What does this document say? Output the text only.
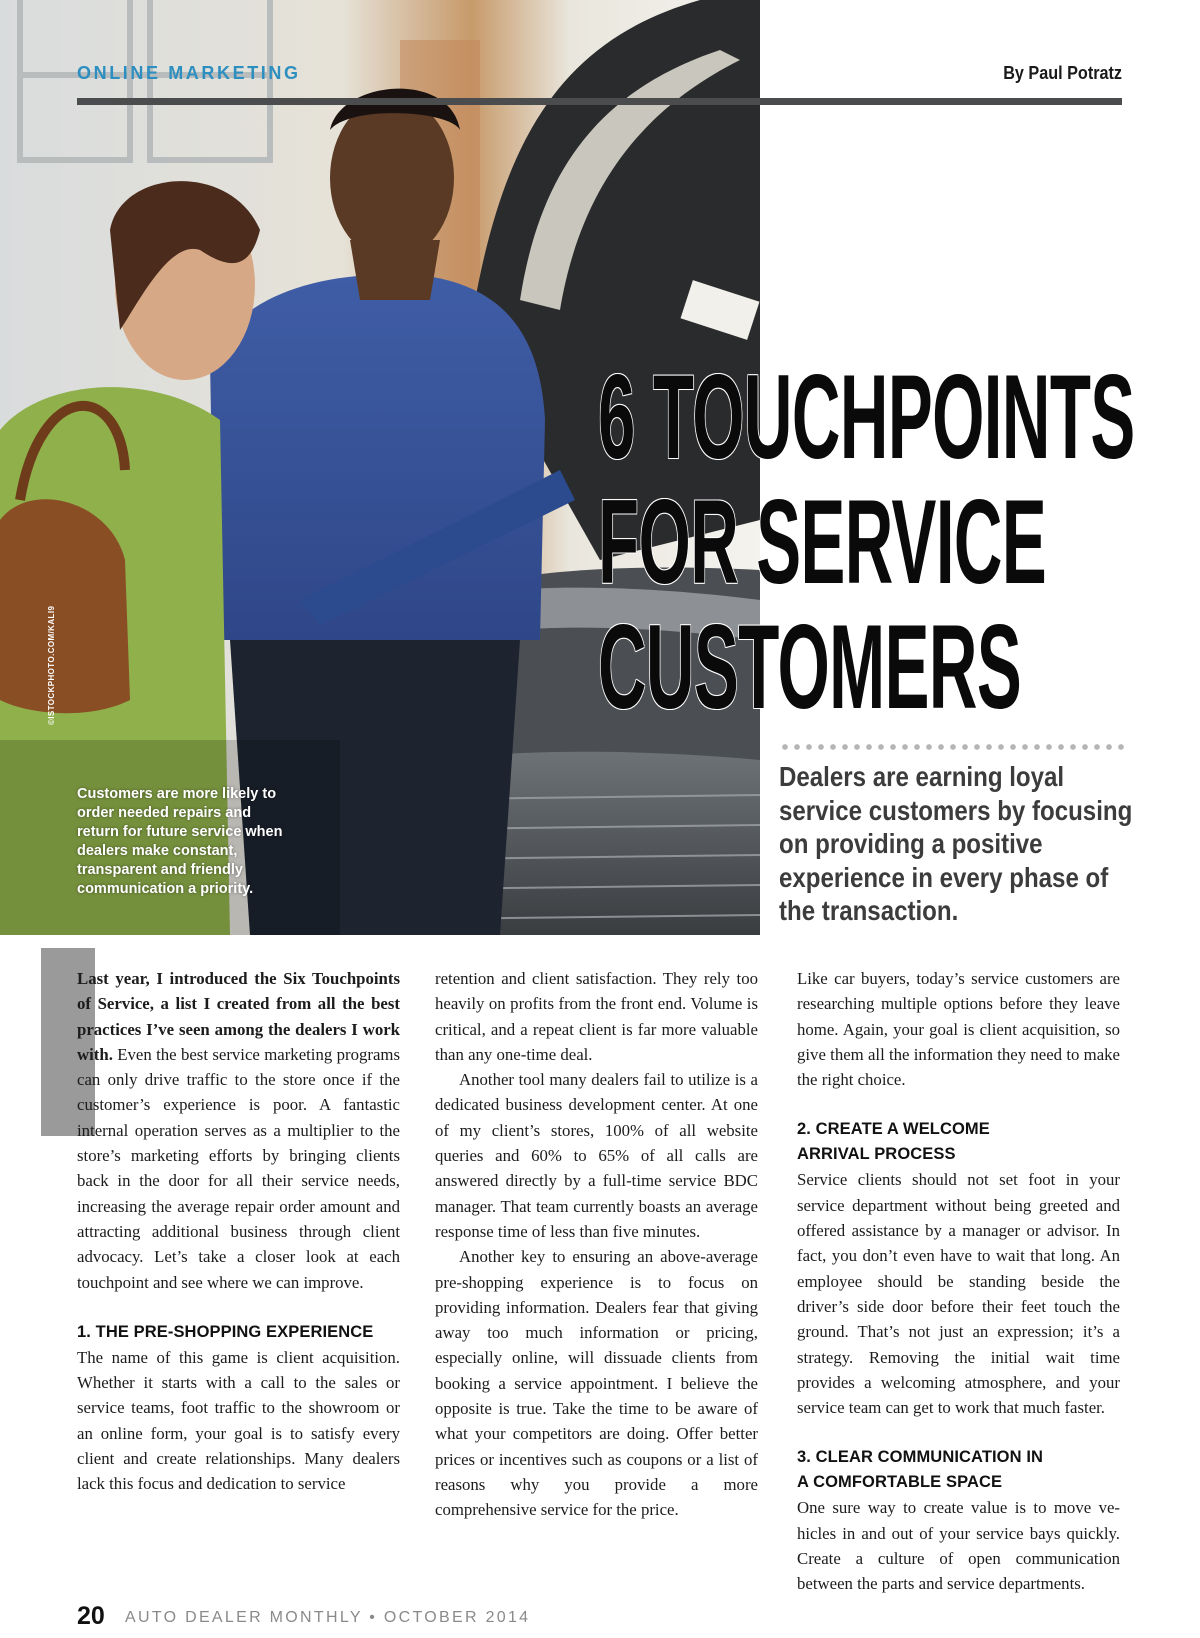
©ISTOCKPHOTO.COM/KALI9
Customers are more likely to order needed repairs and return for future service when dealers make constant, transparent and friendly communication a priority.
ONLINE MARKETING	By Paul Potratz
6 TOUCHPOINTS
FOR SERVICE
CUSTOMERS

Dealers are earning loyal service customers by focusing on providing a positive experience in every phase of the transaction.

Last year, I introduced the Six Touchpoints of Service, a list I created from all the best practices I’ve seen among the dealers I work with. Even the best service marketing programs can only drive traffic to the store once if the customer’s experience is poor. A fantastic internal operation serves as a multiplier to the store’s marketing efforts by bringing clients back in the door for all their service needs, increasing the average repair order amount and attracting additional business through client advocacy. Let’s take a closer look at each touchpoint and see where we can improve.

1. THE PRE-SHOPPING EXPERIENCE

The name of this game is client acquisition. Whether it starts with a call to the sales or service teams, foot traffic to the showroom or an online form, your goal is to satisfy every client and create relationships. Many dealers lack this focus and dedication to service

retention and client satisfaction. They rely too heavily on profits from the front end. Volume is critical, and a repeat client is far more valuable than any one-time deal.

Another tool many dealers fail to utilize is a dedicated business development center. At one of my client’s stores, 100% of all website queries and 60% to 65% of all calls are answered directly by a full-time service BDC manager. That team currently boasts an average response time of less than five minutes.

Another key to ensuring an above-average pre-shopping experience is to focus on providing information. Dealers fear that giving away too much information or pricing, especially online, will dissuade clients from booking a service appointment. I believe the opposite is true. Take the time to be aware of what your competitors are doing. Offer better prices or incentives such as coupons or a list of reasons why you provide a more comprehensive service for the price.

Like car buyers, today’s service customers are researching multiple options before they leave home. Again, your goal is client acquisition, so give them all the information they need to make the right choice.

2. CREATE A WELCOME
ARRIVAL PROCESS

Service clients should not set foot in your service department without being greeted and offered assistance by a manager or advisor. In fact, you don’t even have to wait that long. An employee should be standing beside the driver’s side door before their feet touch the ground. That’s not just an expression; it’s a strategy. Removing the initial wait time provides a welcoming atmosphere, and your service team can get to work that much faster.

3. CLEAR COMMUNICATION IN
A COMFORTABLE SPACE

One sure way to create value is to move vehicles in and out of your service bays quickly. Create a culture of open communication between the parts and service departments.

20 AUTO DEALER MONTHLY • OCTOBER 2014
